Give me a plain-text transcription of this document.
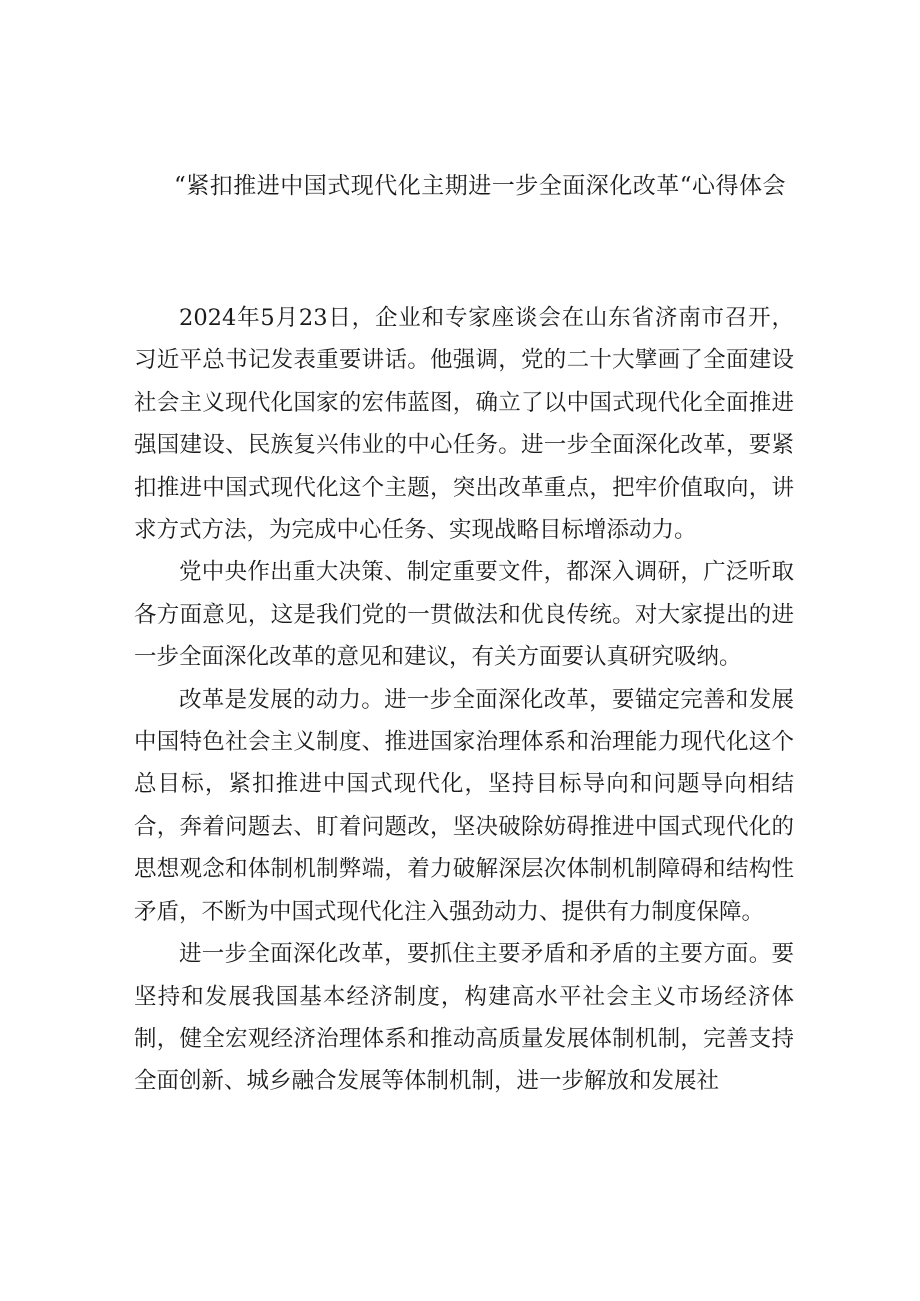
“紧扣推进中国式现代化主期进一步全面深化改革“心得体会

2024年5月23日，企业和专家座谈会在山东省济南市召开，习近平总书记发表重要讲话。他强调，党的二十大擘画了全面建设社会主义现代化国家的宏伟蓝图，确立了以中国式现代化全面推进强国建设、民族复兴伟业的中心任务。进一步全面深化改革，要紧扣推进中国式现代化这个主题，突出改革重点，把牢价值取向，讲求方式方法，为完成中心任务、实现战略目标增添动力。

党中央作出重大决策、制定重要文件，都深入调研，广泛听取各方面意见，这是我们党的一贯做法和优良传统。对大家提出的进一步全面深化改革的意见和建议，有关方面要认真研究吸纳。

改革是发展的动力。进一步全面深化改革，要锚定完善和发展中国特色社会主义制度、推进国家治理体系和治理能力现代化这个总目标，紧扣推进中国式现代化，坚持目标导向和问题导向相结合，奔着问题去、盯着问题改，坚决破除妨碍推进中国式现代化的思想观念和体制机制弊端，着力破解深层次体制机制障碍和结构性矛盾，不断为中国式现代化注入强劲动力、提供有力制度保障。

进一步全面深化改革，要抓住主要矛盾和矛盾的主要方面。要坚持和发展我国基本经济制度，构建高水平社会主义市场经济体制，健全宏观经济治理体系和推动高质量发展体制机制，完善支持全面创新、城乡融合发展等体制机制，进一步解放和发展社
